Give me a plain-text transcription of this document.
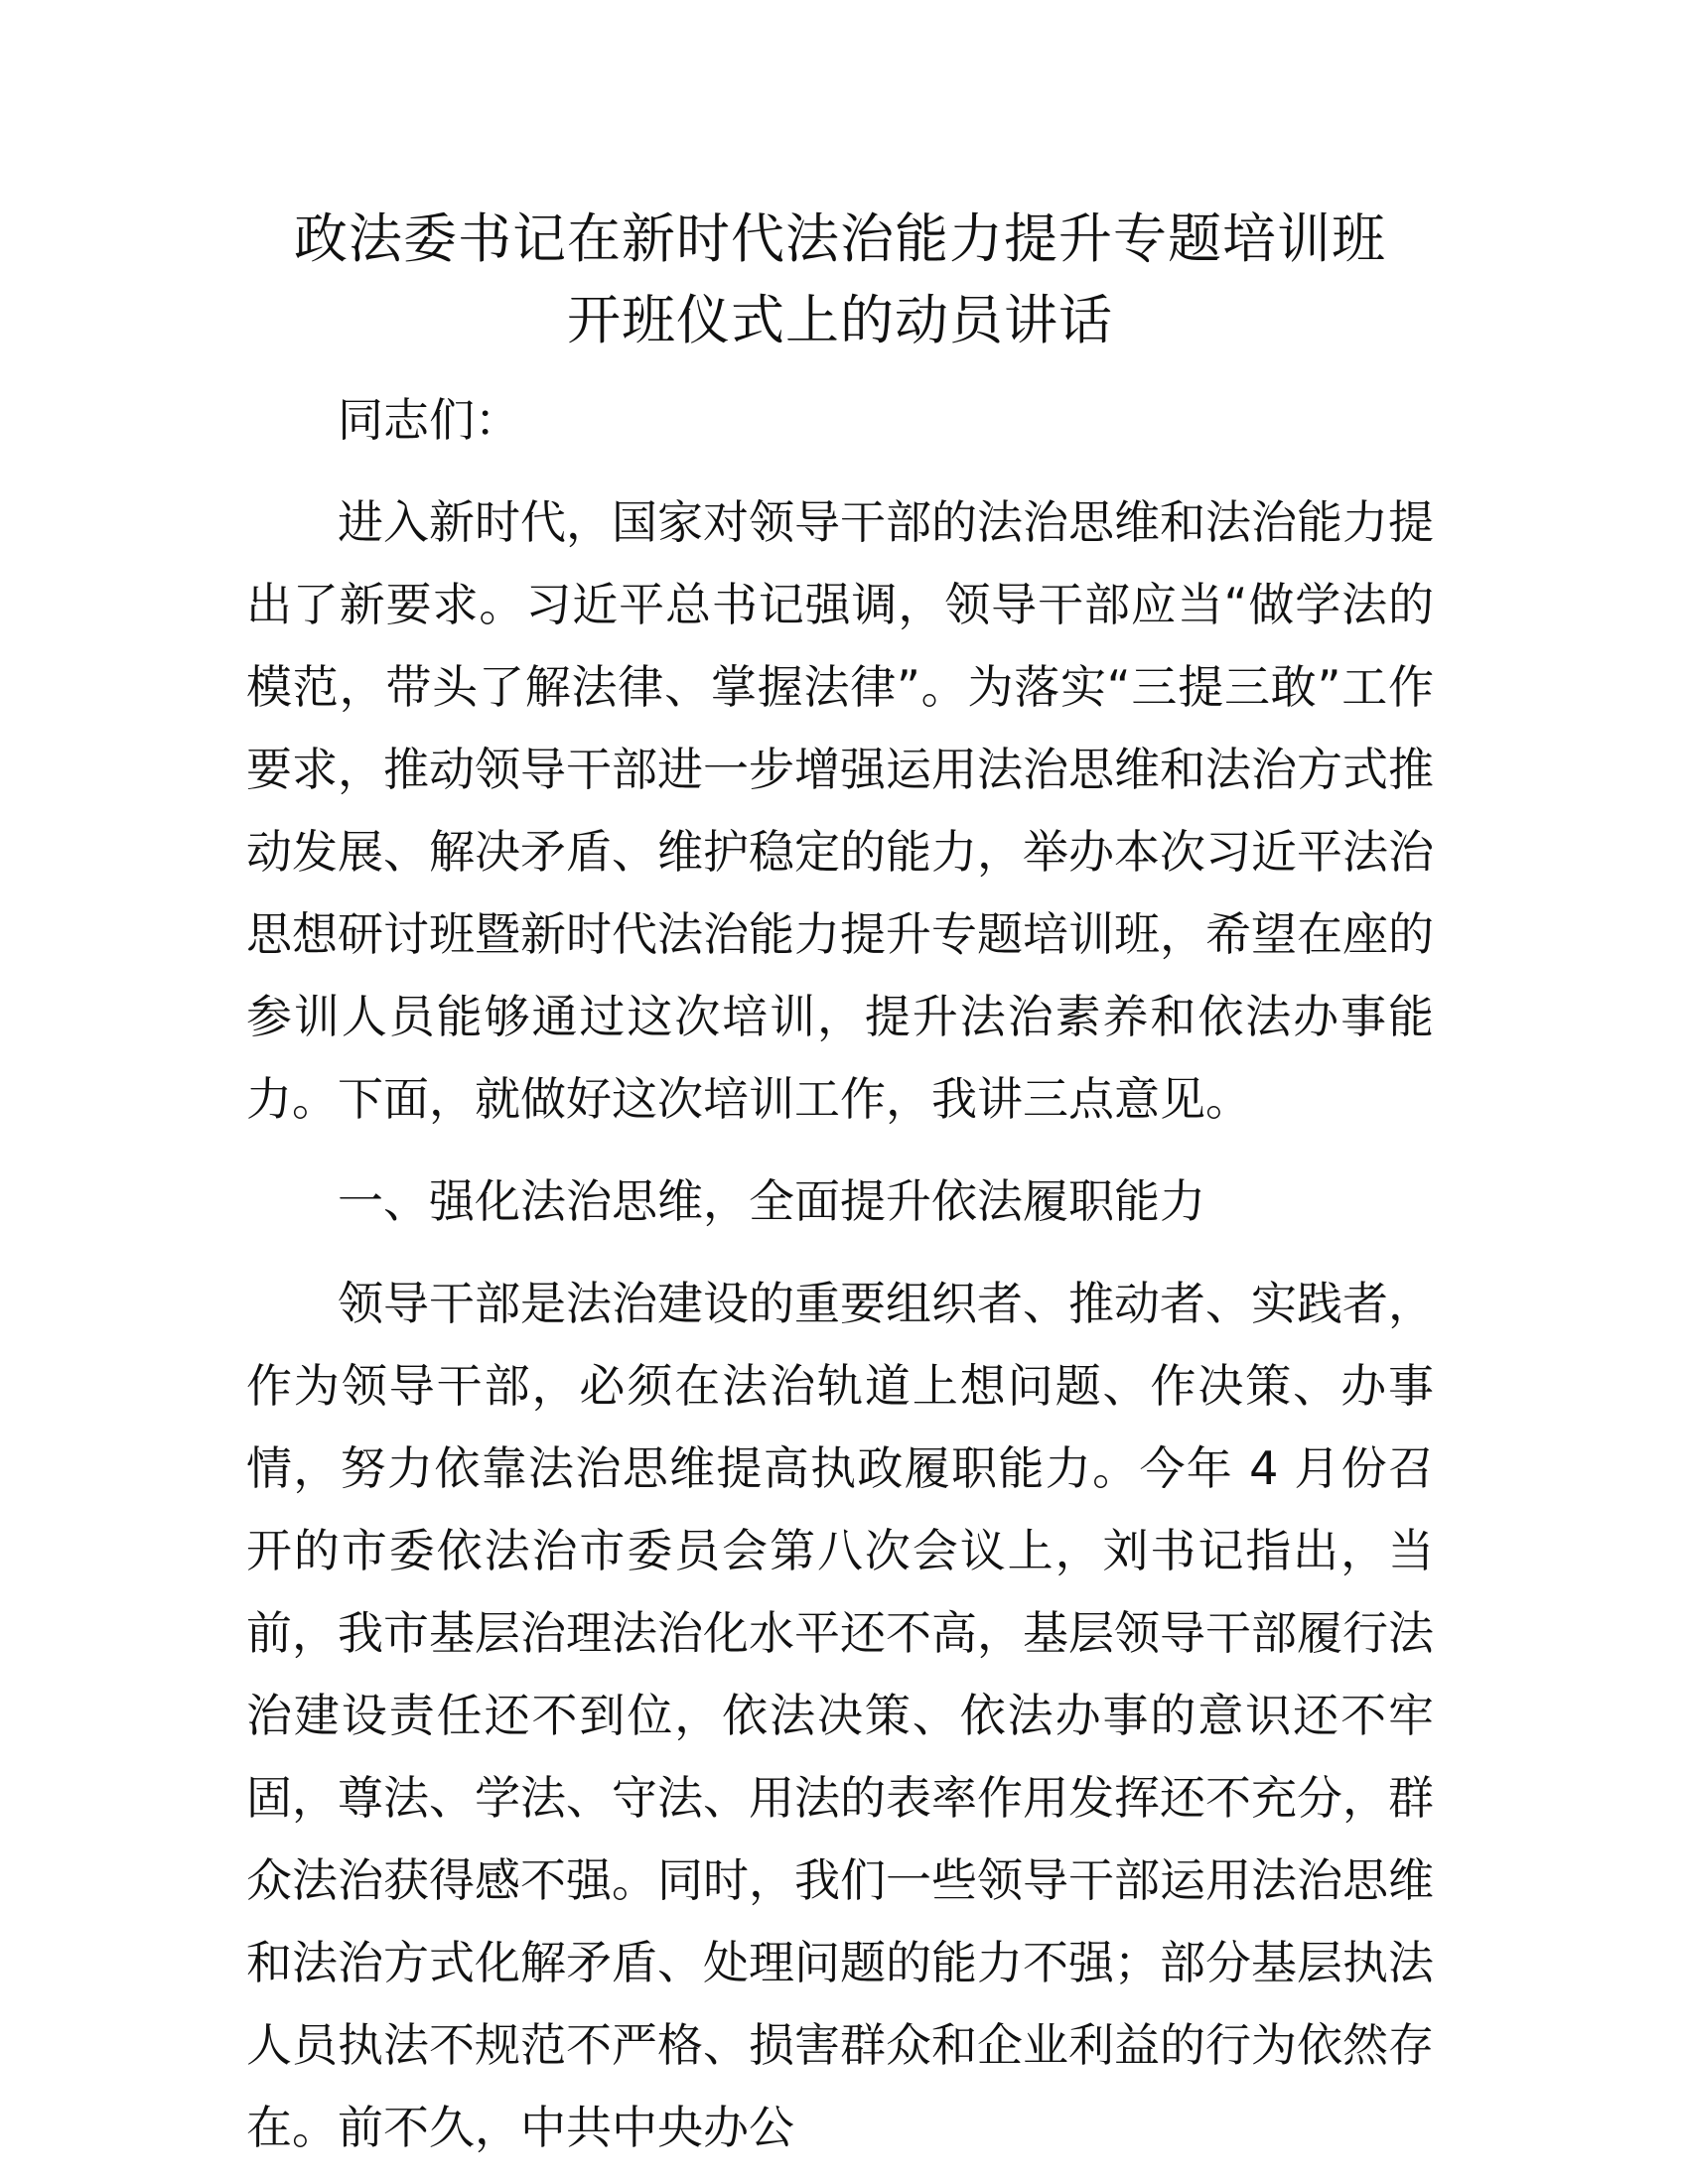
政法委书记在新时代法治能力提升专题培训班
开班仪式上的动员讲话

同志们：

进入新时代，国家对领导干部的法治思维和法治能力提出了新要求。习近平总书记强调，领导干部应当“做学法的模范，带头了解法律、掌握法律”。为落实“三提三敢”工作要求，推动领导干部进一步增强运用法治思维和法治方式推动发展、解决矛盾、维护稳定的能力，举办本次习近平法治思想研讨班暨新时代法治能力提升专题培训班，希望在座的参训人员能够通过这次培训，提升法治素养和依法办事能力。下面，就做好这次培训工作，我讲三点意见。

一、强化法治思维，全面提升依法履职能力

领导干部是法治建设的重要组织者、推动者、实践者，作为领导干部，必须在法治轨道上想问题、作决策、办事情，努力依靠法治思维提高执政履职能力。今年 4 月份召开的市委依法治市委员会第八次会议上，刘书记指出，当前，我市基层治理法治化水平还不高，基层领导干部履行法治建设责任还不到位，依法决策、依法办事的意识还不牢固，尊法、学法、守法、用法的表率作用发挥还不充分，群众法治获得感不强。同时，我们一些领导干部运用法治思维和法治方式化解矛盾、处理问题的能力不强；部分基层执法人员执法不规范不严格、损害群众和企业利益的行为依然存在。前不久，中共中央办公
